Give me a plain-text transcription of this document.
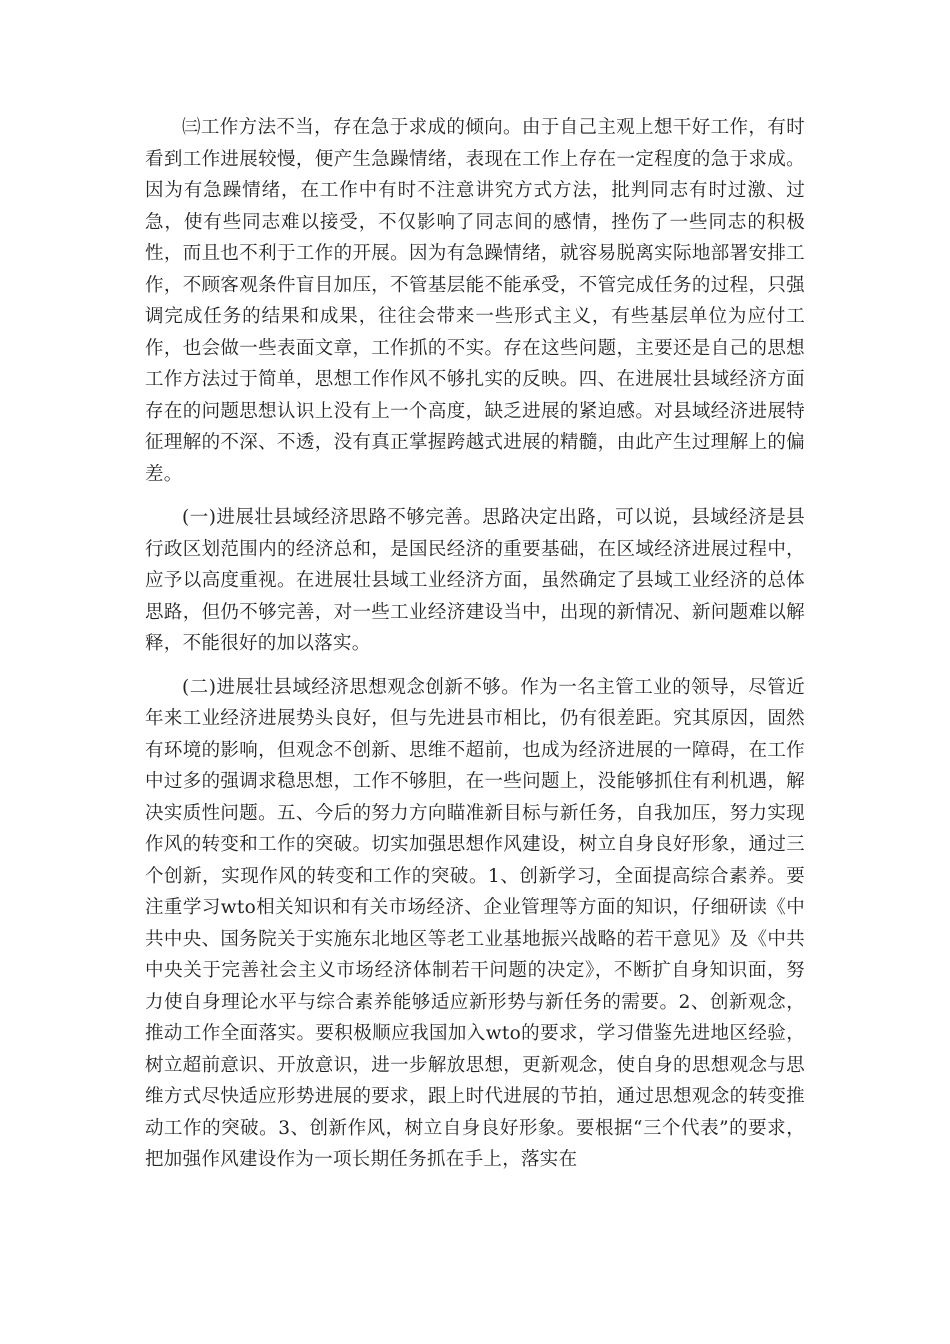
㈢工作方法不当，存在急于求成的倾向。由于自己主观上想干好工作，有时看到工作进展较慢，便产生急躁情绪，表现在工作上存在一定程度的急于求成。因为有急躁情绪，在工作中有时不注意讲究方式方法，批判同志有时过激、过急，使有些同志难以接受，不仅影响了同志间的感情，挫伤了一些同志的积极性，而且也不利于工作的开展。因为有急躁情绪，就容易脱离实际地部署安排工作，不顾客观条件盲目加压，不管基层能不能承受，不管完成任务的过程，只强调完成任务的结果和成果，往往会带来一些形式主义，有些基层单位为应付工作，也会做一些表面文章，工作抓的不实。存在这些问题，主要还是自己的思想工作方法过于简单，思想工作作风不够扎实的反映。四、在进展壮县域经济方面存在的问题思想认识上没有上一个高度，缺乏进展的紧迫感。对县域经济进展特征理解的不深、不透，没有真正掌握跨越式进展的精髓，由此产生过理解上的偏差。

(一)进展壮县域经济思路不够完善。思路决定出路，可以说，县域经济是县行政区划范围内的经济总和，是国民经济的重要基础，在区域经济进展过程中，应予以高度重视。在进展壮县域工业经济方面，虽然确定了县域工业经济的总体思路，但仍不够完善，对一些工业经济建设当中，出现的新情况、新问题难以解释，不能很好的加以落实。

(二)进展壮县域经济思想观念创新不够。作为一名主管工业的领导，尽管近年来工业经济进展势头良好，但与先进县市相比，仍有很差距。究其原因，固然有环境的影响，但观念不创新、思维不超前，也成为经济进展的一障碍，在工作中过多的强调求稳思想，工作不够胆，在一些问题上，没能够抓住有利机遇，解决实质性问题。五、今后的努力方向瞄准新目标与新任务，自我加压，努力实现作风的转变和工作的突破。切实加强思想作风建设，树立自身良好形象，通过三个创新，实现作风的转变和工作的突破。1、创新学习，全面提高综合素养。要注重学习wto相关知识和有关市场经济、企业管理等方面的知识，仔细研读《中共中央、国务院关于实施东北地区等老工业基地振兴战略的若干意见》及《中共中央关于完善社会主义市场经济体制若干问题的决定》，不断扩自身知识面，努力使自身理论水平与综合素养能够适应新形势与新任务的需要。2、创新观念，推动工作全面落实。要积极顺应我国加入wto的要求，学习借鉴先进地区经验，树立超前意识、开放意识，进一步解放思想，更新观念，使自身的思想观念与思维方式尽快适应形势进展的要求，跟上时代进展的节拍，通过思想观念的转变推动工作的突破。3、创新作风，树立自身良好形象。要根据“三个代表”的要求，把加强作风建设作为一项长期任务抓在手上，落实在
